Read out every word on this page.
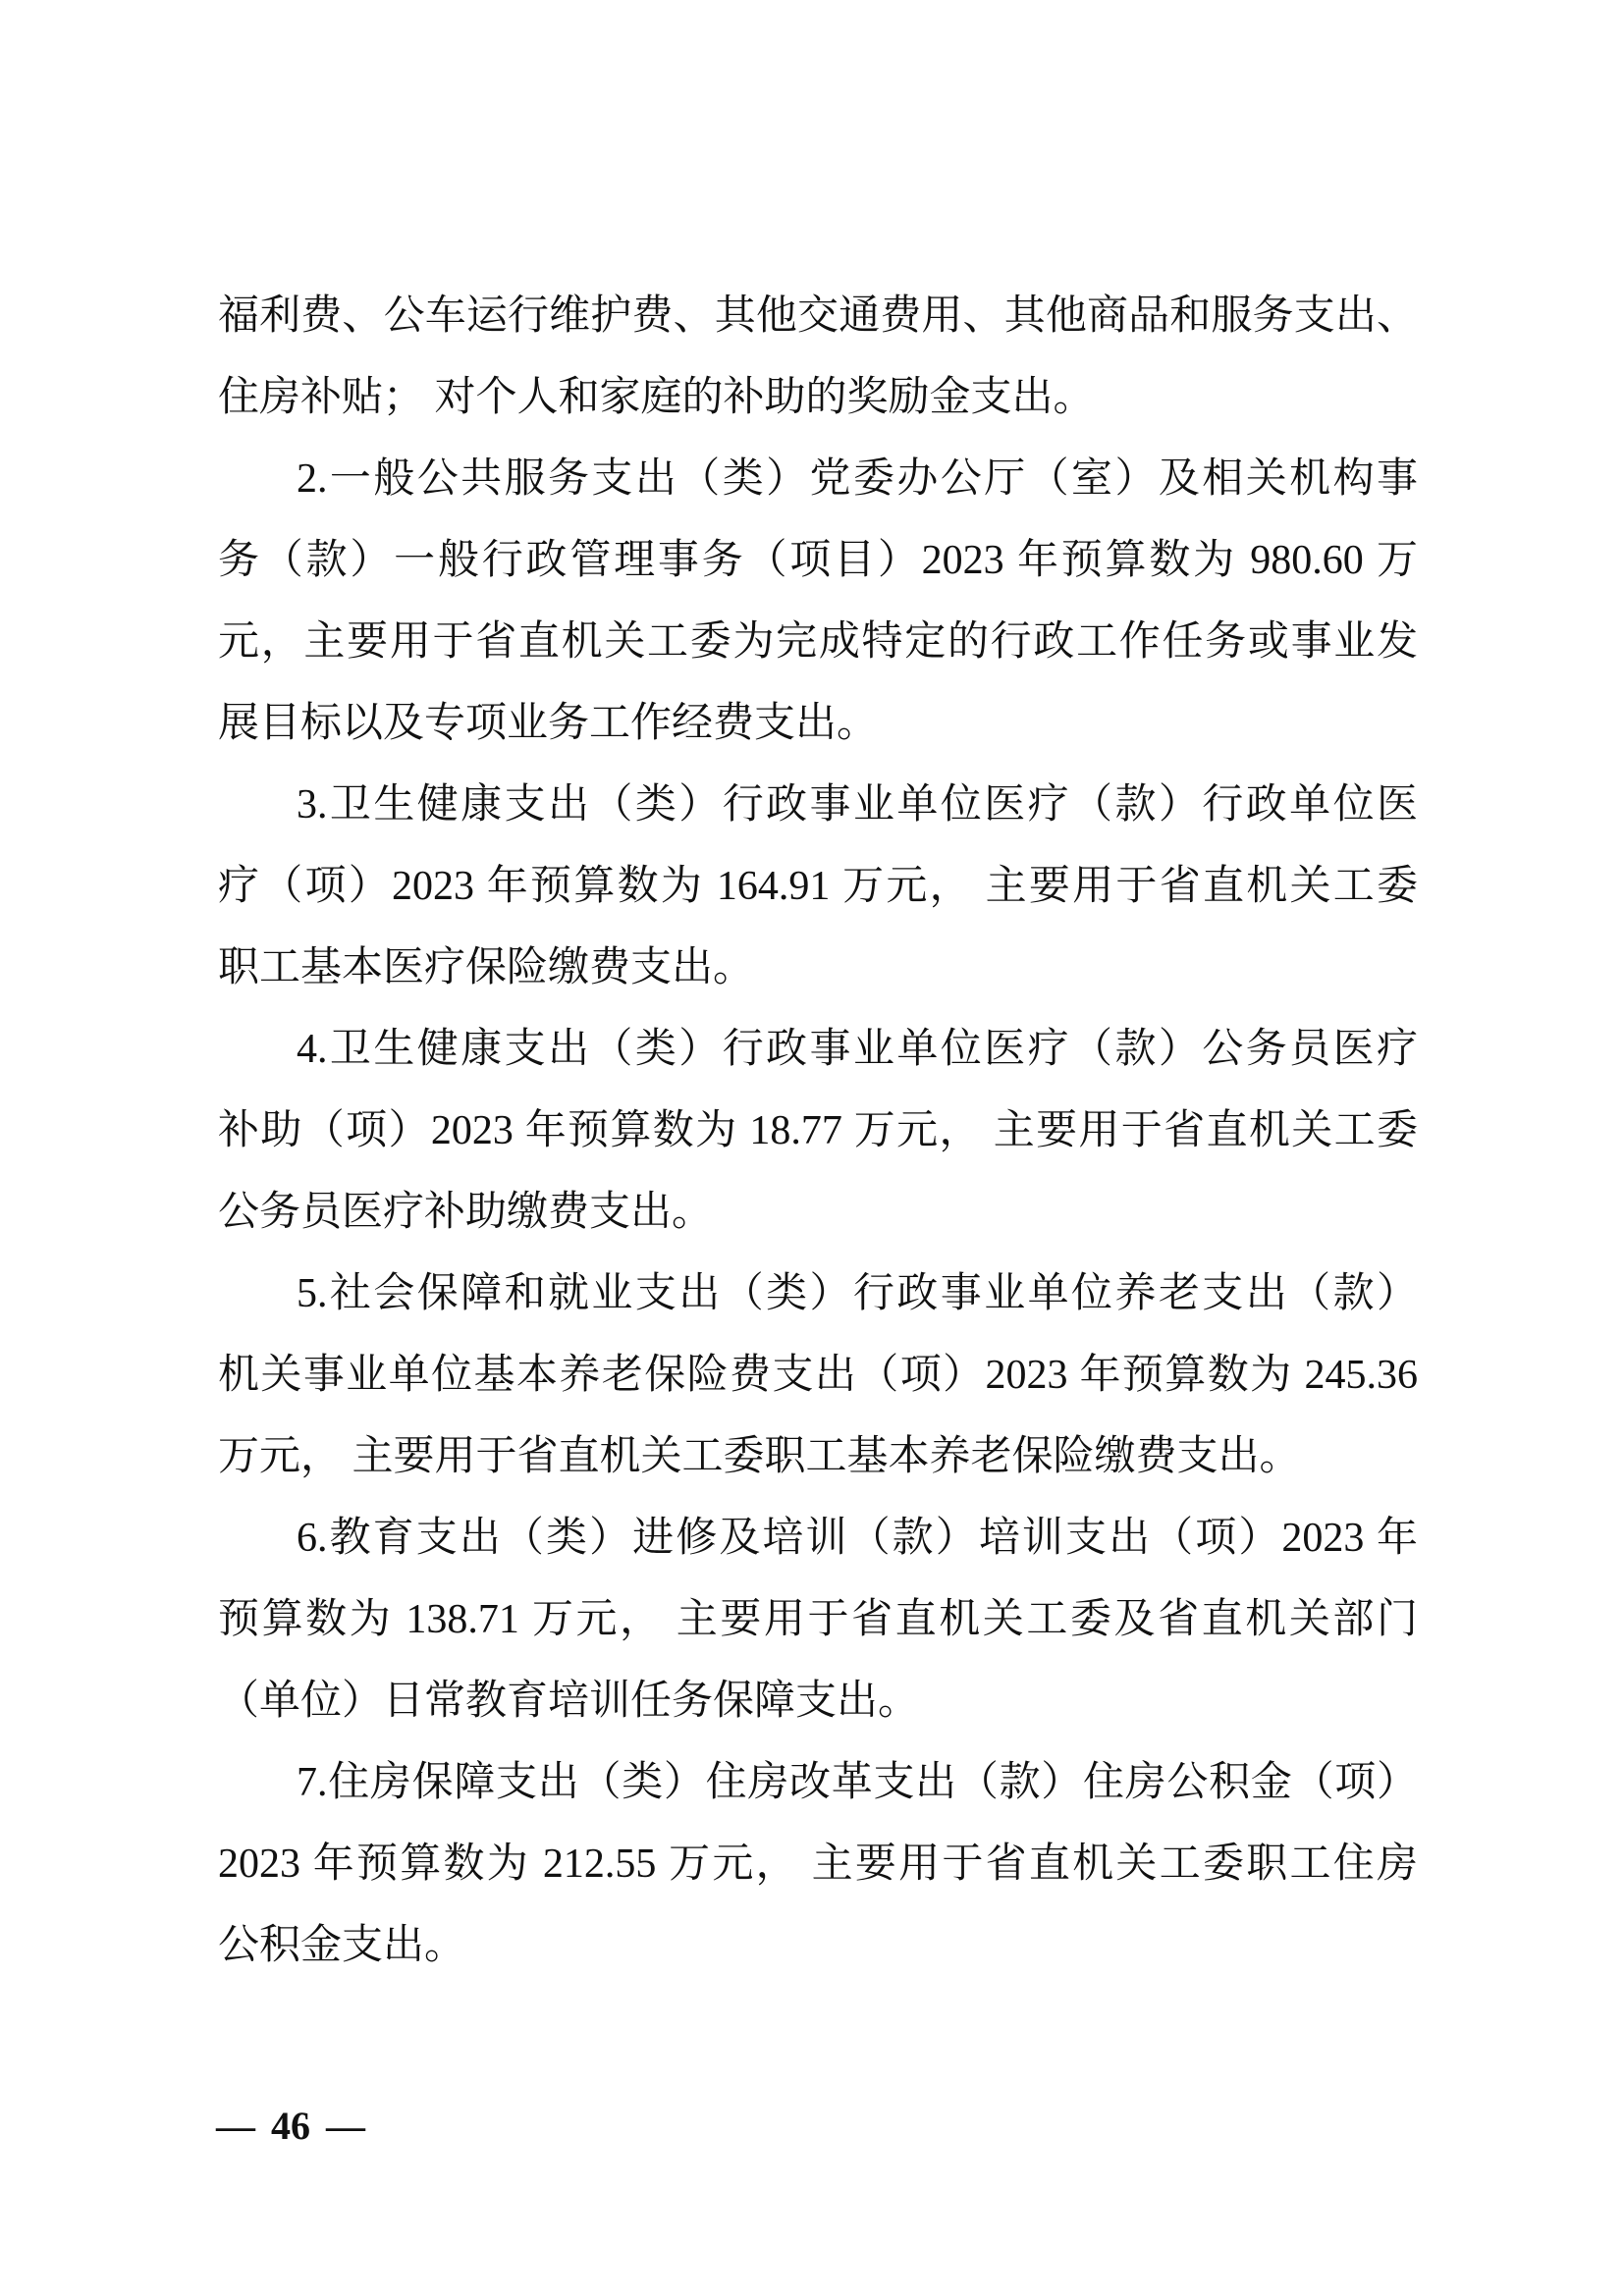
福利费、公车运行维护费、其他交通费用、其他商品和服务支出、
住房补贴； 对个人和家庭的补助的奖励金支出。

2.一般公共服务支出（类）党委办公厅（室）及相关机构事
务（款）一般行政管理事务（项目）2023 年预算数为 980.60 万
元，主要用于省直机关工委为完成特定的行政工作任务或事业发
展目标以及专项业务工作经费支出。

3.卫生健康支出（类）行政事业单位医疗（款）行政单位医
疗（项）2023 年预算数为 164.91 万元， 主要用于省直机关工委
职工基本医疗保险缴费支出。

4.卫生健康支出（类）行政事业单位医疗（款）公务员医疗
补助（项）2023 年预算数为 18.77 万元， 主要用于省直机关工委
公务员医疗补助缴费支出。

5.社会保障和就业支出（类）行政事业单位养老支出（款）
机关事业单位基本养老保险费支出（项）2023 年预算数为 245.36
万元， 主要用于省直机关工委职工基本养老保险缴费支出。

6.教育支出（类）进修及培训（款）培训支出（项）2023 年
预算数为 138.71 万元， 主要用于省直机关工委及省直机关部门
（单位）日常教育培训任务保障支出。

7.住房保障支出（类）住房改革支出（款）住房公积金（项）
2023 年预算数为 212.55 万元， 主要用于省直机关工委职工住房
公积金支出。

— 46 —
